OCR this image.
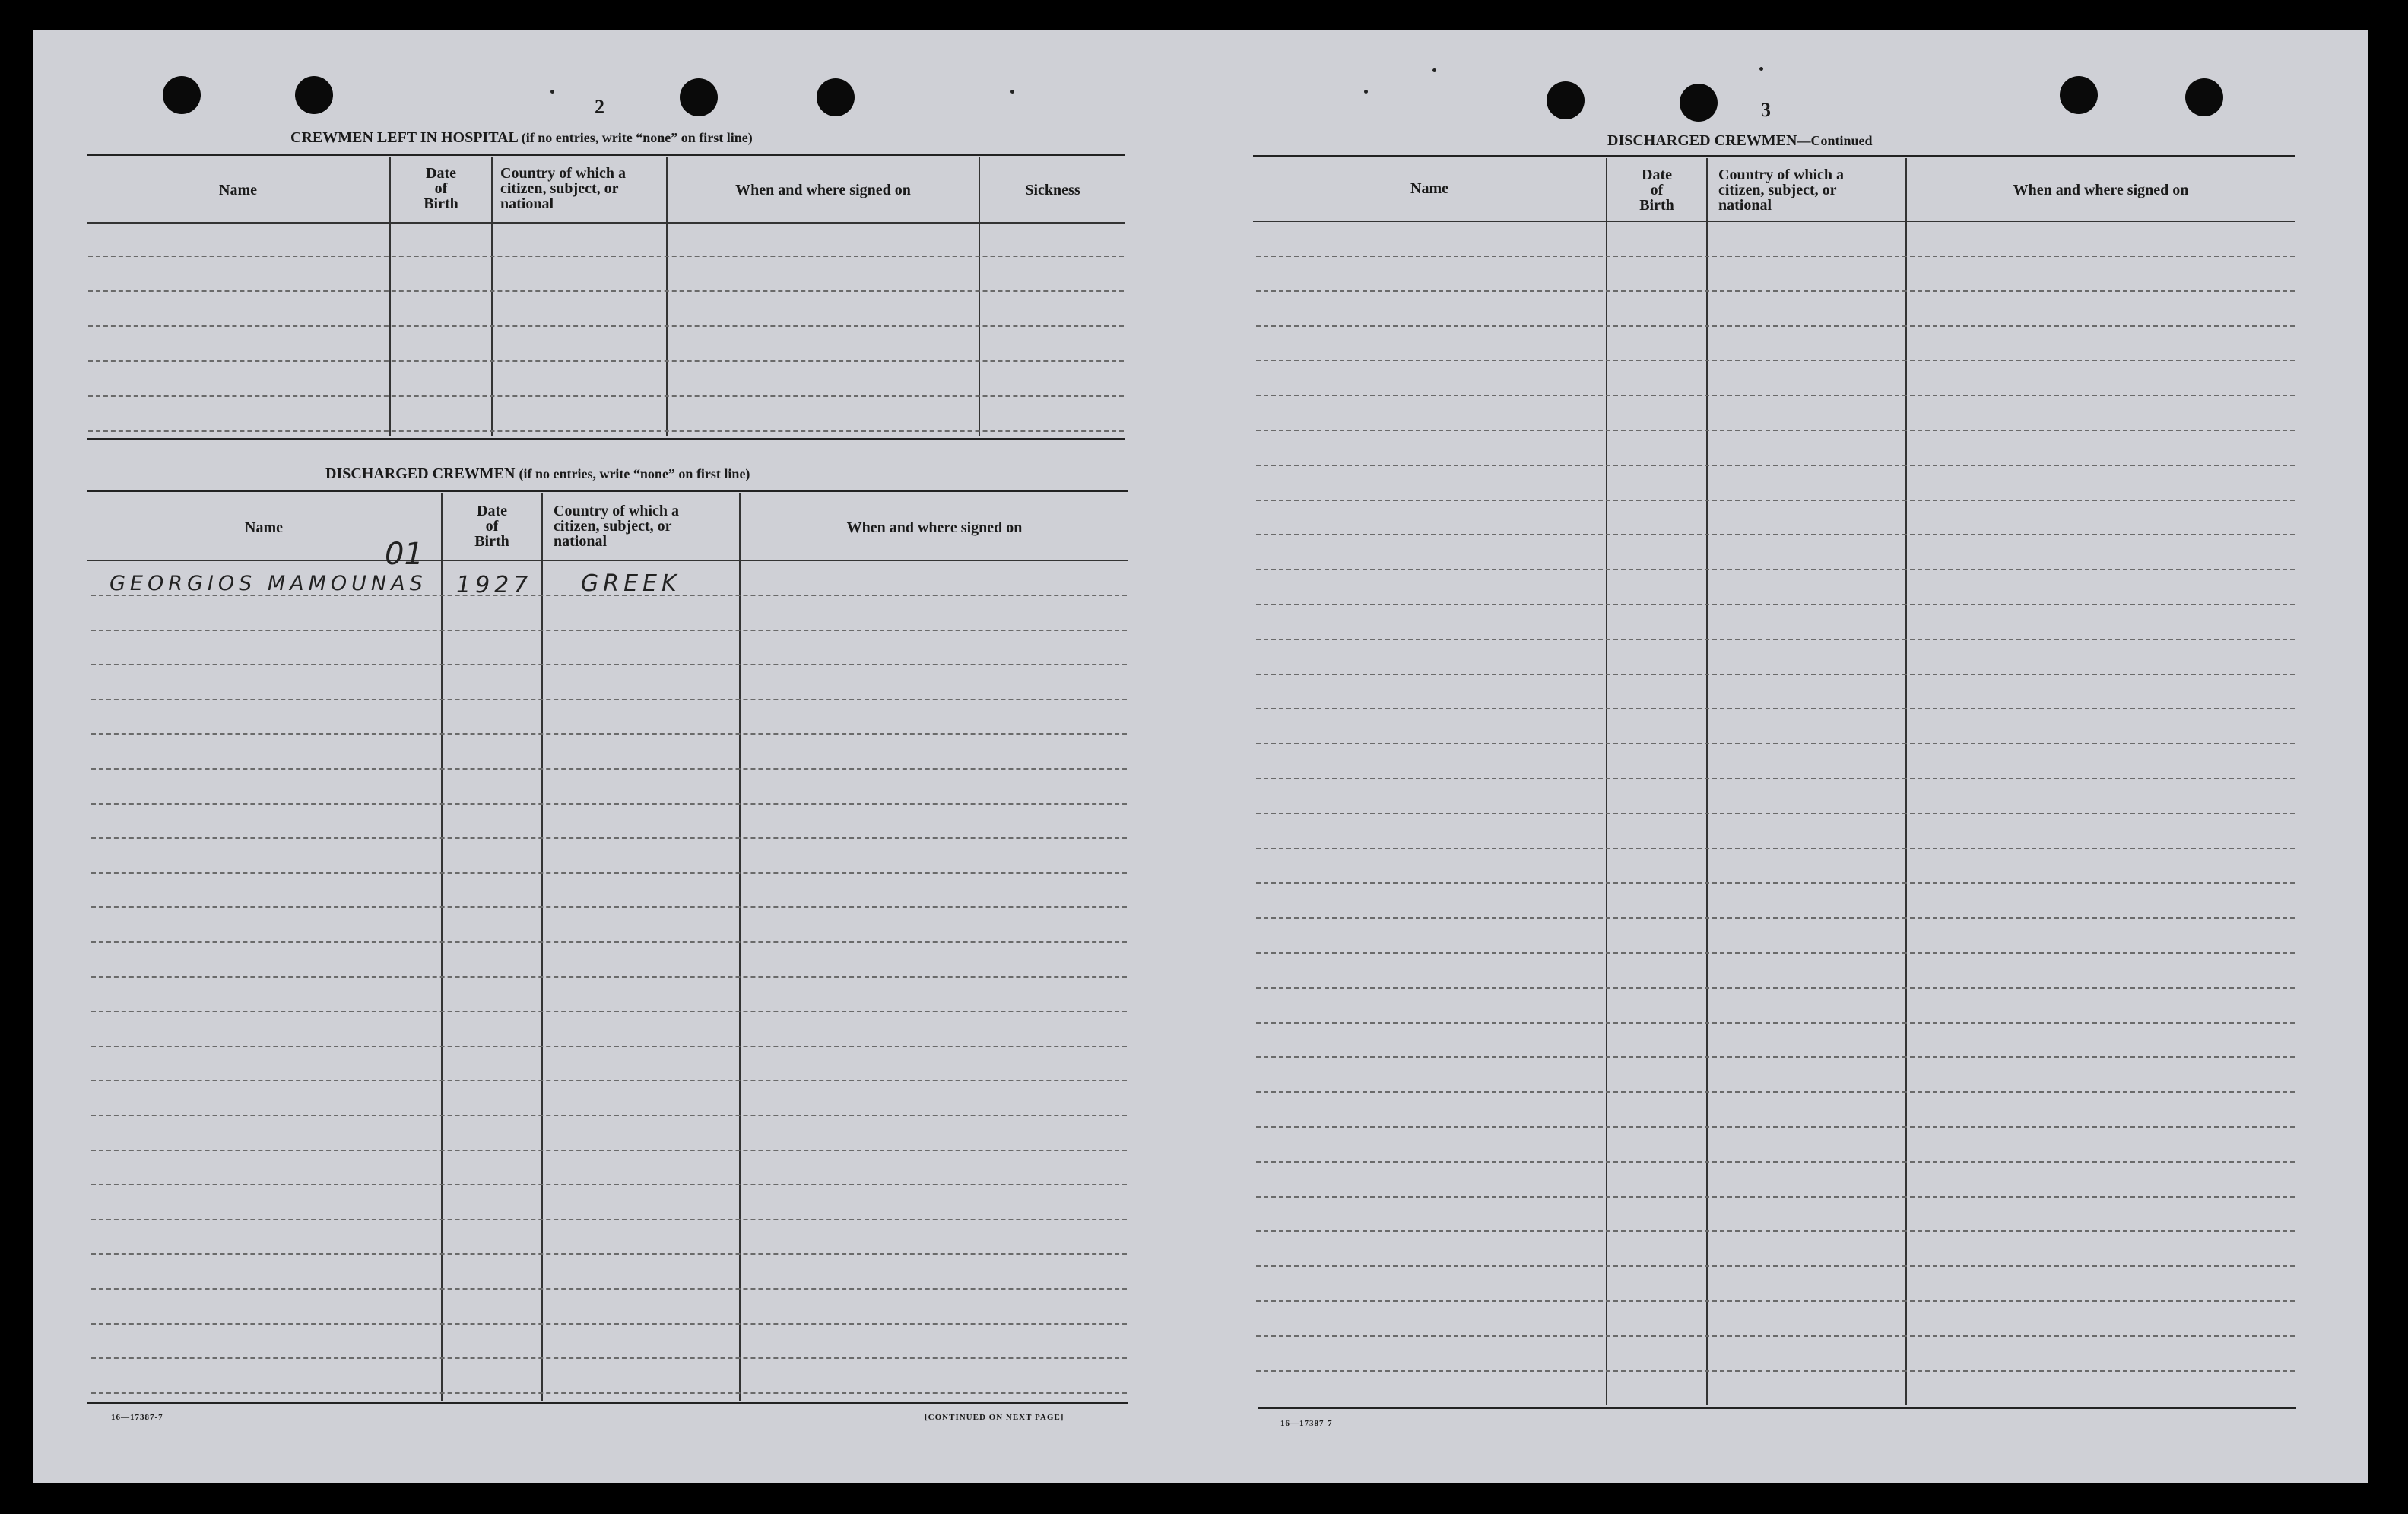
2
CREWMEN LEFT IN HOSPITAL (if no entries, write “none” on first line)
Name
Date
of
Birth
Country of which a
citizen, subject, or
national
When and where signed on	Sickness
DISCHARGED CREWMEN (if no entries, write “none” on first line)
Name
Date
of
Birth
Country of which a
citizen, subject, or
national
When and where signed on
GEORGIOS MAMOUNAS
01
1927 GREEK
16—17387-7	[CONTINUED ON NEXT PAGE]
3
DISCHARGED CREWMEN—Continued
Name
Date
of
Birth
Country of which a
citizen, subject, or
national
When and where signed on
16—17387-7
